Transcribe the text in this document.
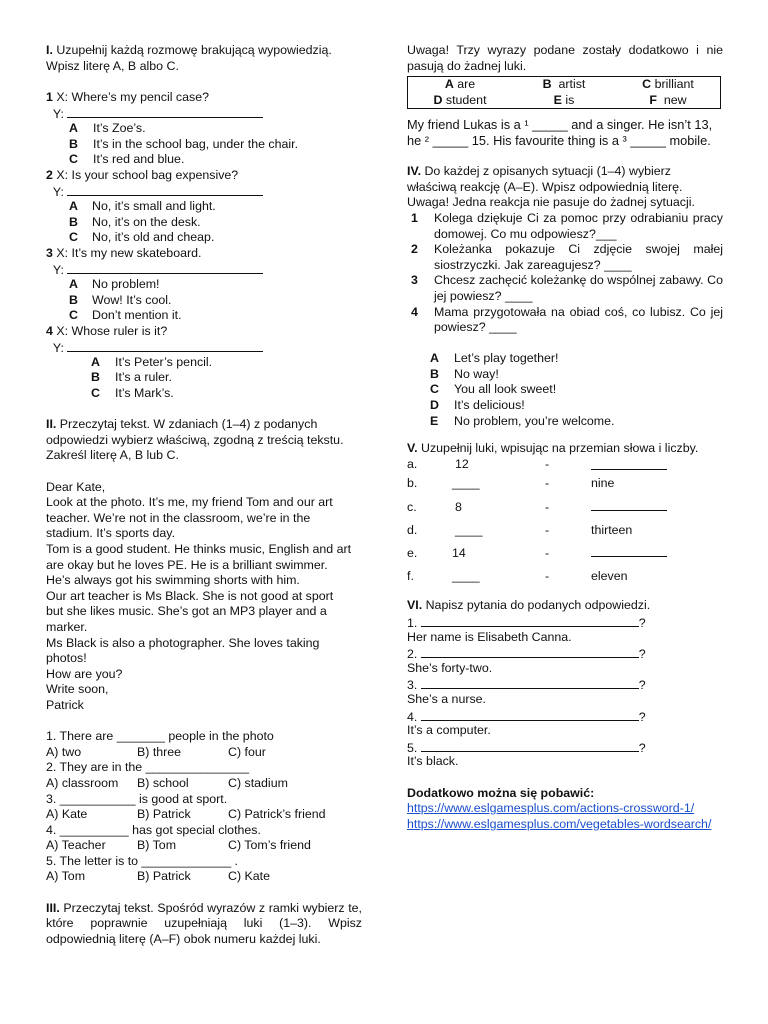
I. Uzupełnij każdą rozmowę brakującą wypowiedzią.
Wpisz literę A, B albo C.
1 X: Where’s my pencil case?
Y:
A It’s Zoe’s.
B It’s in the school bag, under the chair.
C It’s red and blue.
2 X: Is your school bag expensive?
Y:
A No, it’s small and light.
B No, it’s on the desk.
C No, it’s old and cheap.
3 X: It’s my new skateboard.
Y:
A No problem!
B Wow! It’s cool.
C Don’t mention it.
4 X: Whose ruler is it?
Y:
A It’s Peter’s pencil.
B It’s a ruler.
C It’s Mark’s.
II. Przeczytaj tekst. W zdaniach (1–4) z podanych
odpowiedzi wybierz właściwą, zgodną z treścią tekstu.
Zakreśl literę A, B lub C.
Dear Kate,
Look at the photo. It’s me, my friend Tom and our art
teacher. We’re not in the classroom, we’re in the
stadium. It’s sports day.
Tom is a good student. He thinks music, English and art
are okay but he loves PE. He is a brilliant swimmer.
He’s always got his swimming shorts with him.
Our art teacher is Ms Black. She is not good at sport
but she likes music. She’s got an MP3 player and a
marker.
Ms Black is also a photographer. She loves taking
photos!
How are you?
Write soon,
Patrick
1. There are _______ people in the photo
A) two	B) three	C) four
2. They are in the _______________
A) classroom B) school	C) stadium
3. ___________ is good at sport.
A) Kate	B) Patrick	C) Patrick’s friend
4. __________ has got special clothes.
A) Teacher	B) Tom	C) Tom’s friend
5. The letter is to _____________ .
A) Tom	B) Patrick	C) Kate
III. Przeczytaj tekst. Spośród wyrazów z ramki wybierz te, które poprawnie uzupełniają luki (1–3). Wpisz odpowiednią literę (A–F) obok numeru każdej luki.
Uwaga! Trzy wyrazy podane zostały dodatkowo i nie pasują do żadnej luki.
A are	B artist	C brilliant
D student	E is	F new
My friend Lukas is a ¹ _____ and a singer. He isn’t 13,
he ² _____ 15. His favourite thing is a ³ _____ mobile.
IV. Do każdej z opisanych sytuacji (1–4) wybierz
właściwą reakcję (A–E). Wpisz odpowiednią literę.
Uwaga! Jedna reakcja nie pasuje do żadnej sytuacji.
1 Kolega dziękuje Ci za pomoc przy odrabianiu pracy domowej. Co mu odpowiesz?___
2 Koleżanka pokazuje Ci zdjęcie swojej małej siostrzyczki. Jak zareagujesz? ____
3 Chcesz zachęcić koleżankę do wspólnej zabawy. Co jej powiesz? ____
4 Mama przygotowała na obiad coś, co lubisz. Co jej powiesz? ____
A Let’s play together!
B No way!
C You all look sweet!
D It’s delicious!
E No problem, you’re welcome.
V. Uzupełnij luki, wpisując na przemian słowa i liczby.
a.	12	-
b.	____	-	nine
c.	8	-
d.	____	-	thirteen
e.	14	-
f.	____	-	eleven
VI. Napisz pytania do podanych odpowiedzi.
1.	?
Her name is Elisabeth Canna.
2.	?
She’s forty-two.
3.	?
She’s a nurse.
4.	?
It’s a computer.
5.	?
It’s black.
Dodatkowo można się pobawić:
https://www.eslgamesplus.com/actions-crossword-1/
https://www.eslgamesplus.com/vegetables-wordsearch/
